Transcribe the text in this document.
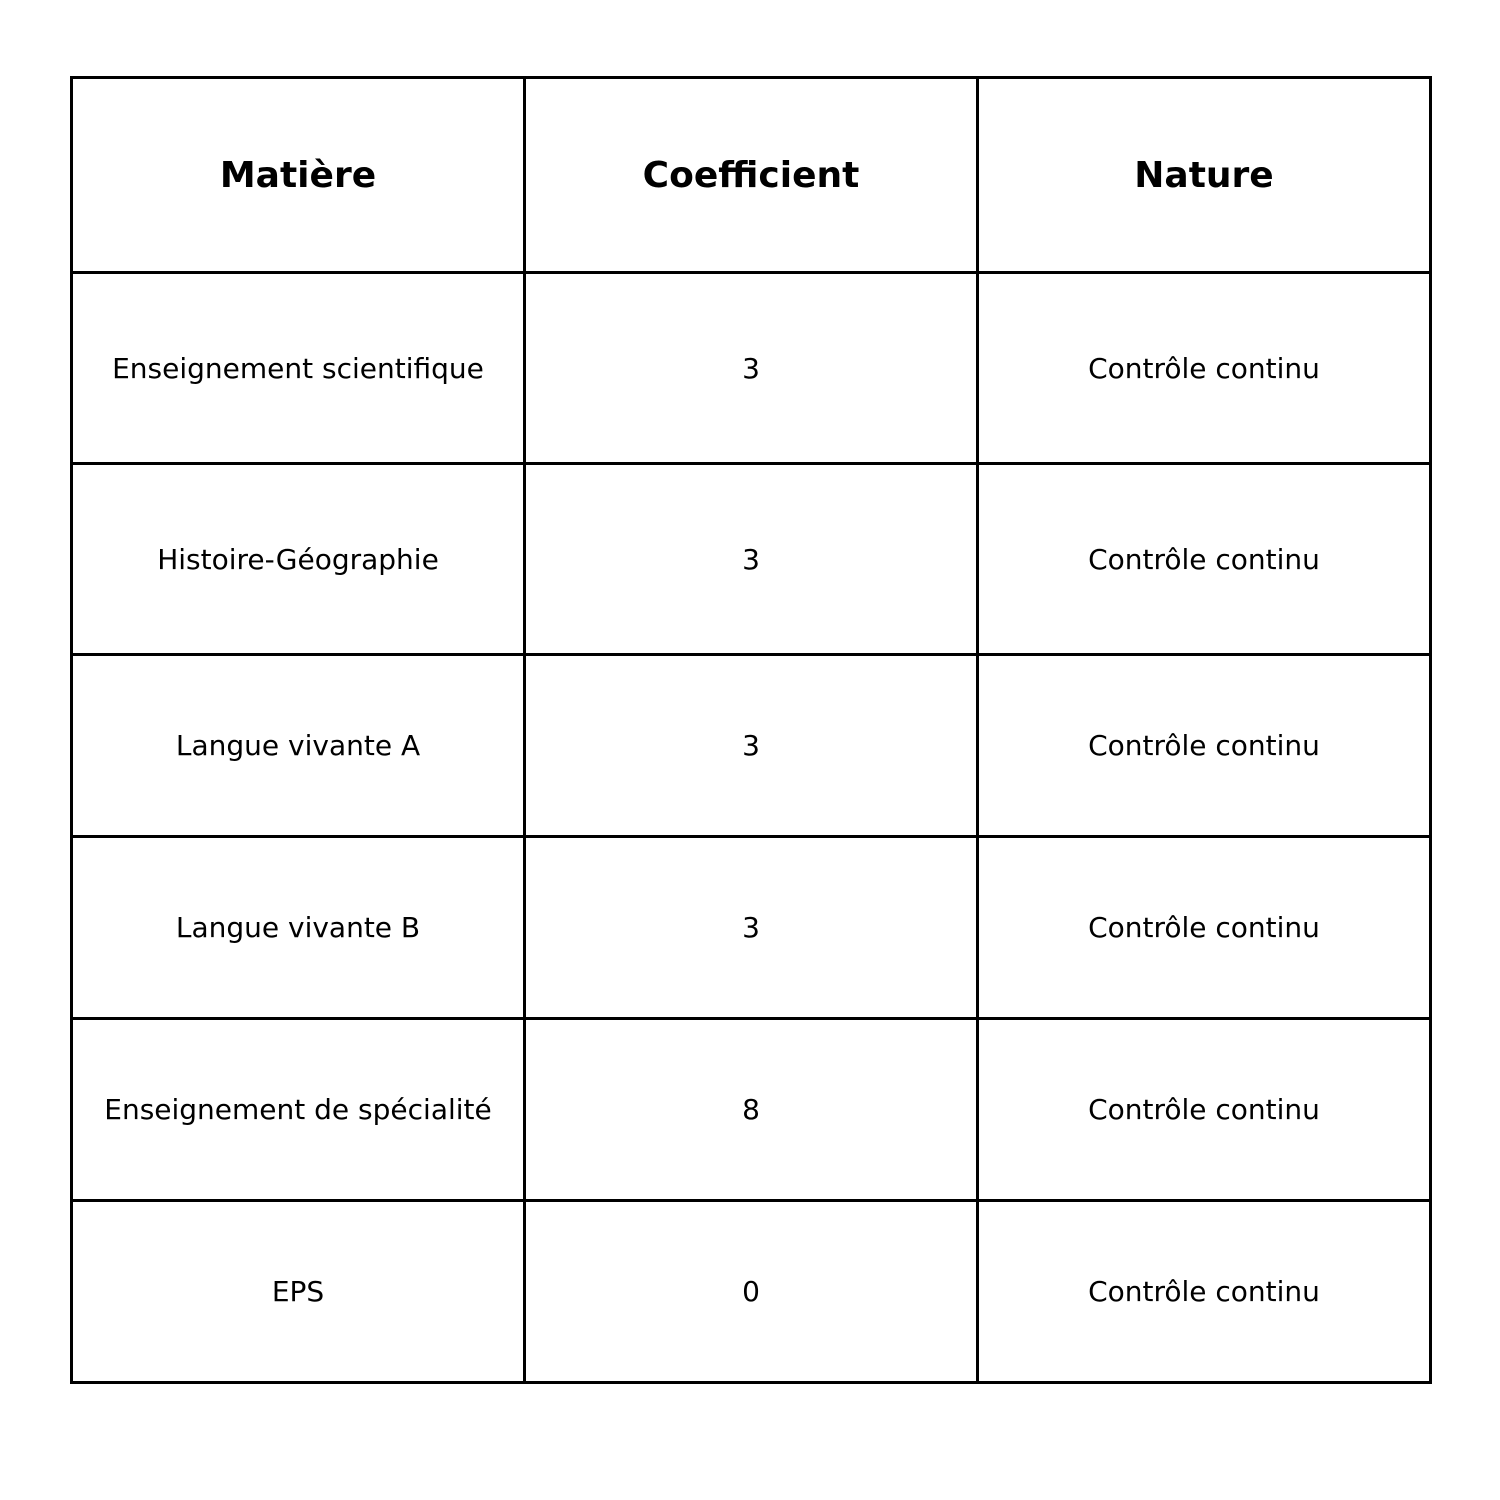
Matière	Coefficient	Nature
Enseignement scientifique	3	Contrôle continu
Histoire-Géographie	3	Contrôle continu
Langue vivante A	3	Contrôle continu
Langue vivante B	3	Contrôle continu
Enseignement de spécialité	8	Contrôle continu
EPS	0	Contrôle continu
